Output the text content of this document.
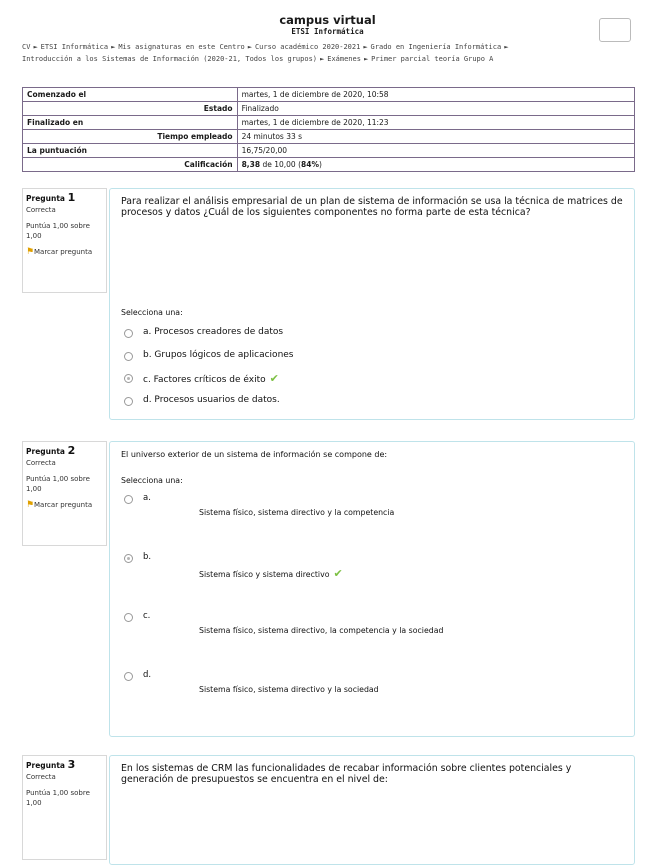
campus virtual
ETSI Informática
CV ► ETSI Informática ► Mis asignaturas en este Centro ► Curso académico 2020-2021 ► Grado en Ingeniería Informática ►
Introducción a los Sistemas de Información (2020-21, Todos los grupos) ► Exámenes ► Primer parcial teoría Grupo A
Comenzado el	martes, 1 de diciembre de 2020, 10:58
Estado	Finalizado
Finalizado en	martes, 1 de diciembre de 2020, 11:23
Tiempo empleado	24 minutos 33 s
La puntuación	16,75/20,00
Calificación	8,38 de 10,00 (84%)
Pregunta 1
Correcta
Puntúa 1,00 sobre 1,00
⚑ Marcar pregunta
Para realizar el análisis empresarial de un plan de sistema de información se usa la técnica de matrices de procesos y datos ¿Cuál de los siguientes componentes no forma parte de esta técnica?
Selecciona una:
a. Procesos creadores de datos
b. Grupos lógicos de aplicaciones
c. Factores críticos de éxito ✔
d. Procesos usuarios de datos.
Pregunta 2
Correcta
Puntúa 1,00 sobre 1,00
⚑ Marcar pregunta
El universo exterior de un sistema de información se compone de:
Selecciona una:
a.
Sistema físico, sistema directivo y la competencia
b.
Sistema físico y sistema directivo ✔
c.
Sistema físico, sistema directivo, la competencia y la sociedad
d.
Sistema físico, sistema directivo y la sociedad
Pregunta 3
Correcta
Puntúa 1,00 sobre 1,00
En los sistemas de CRM las funcionalidades de recabar información sobre clientes potenciales y generación de presupuestos se encuentra en el nivel de:
